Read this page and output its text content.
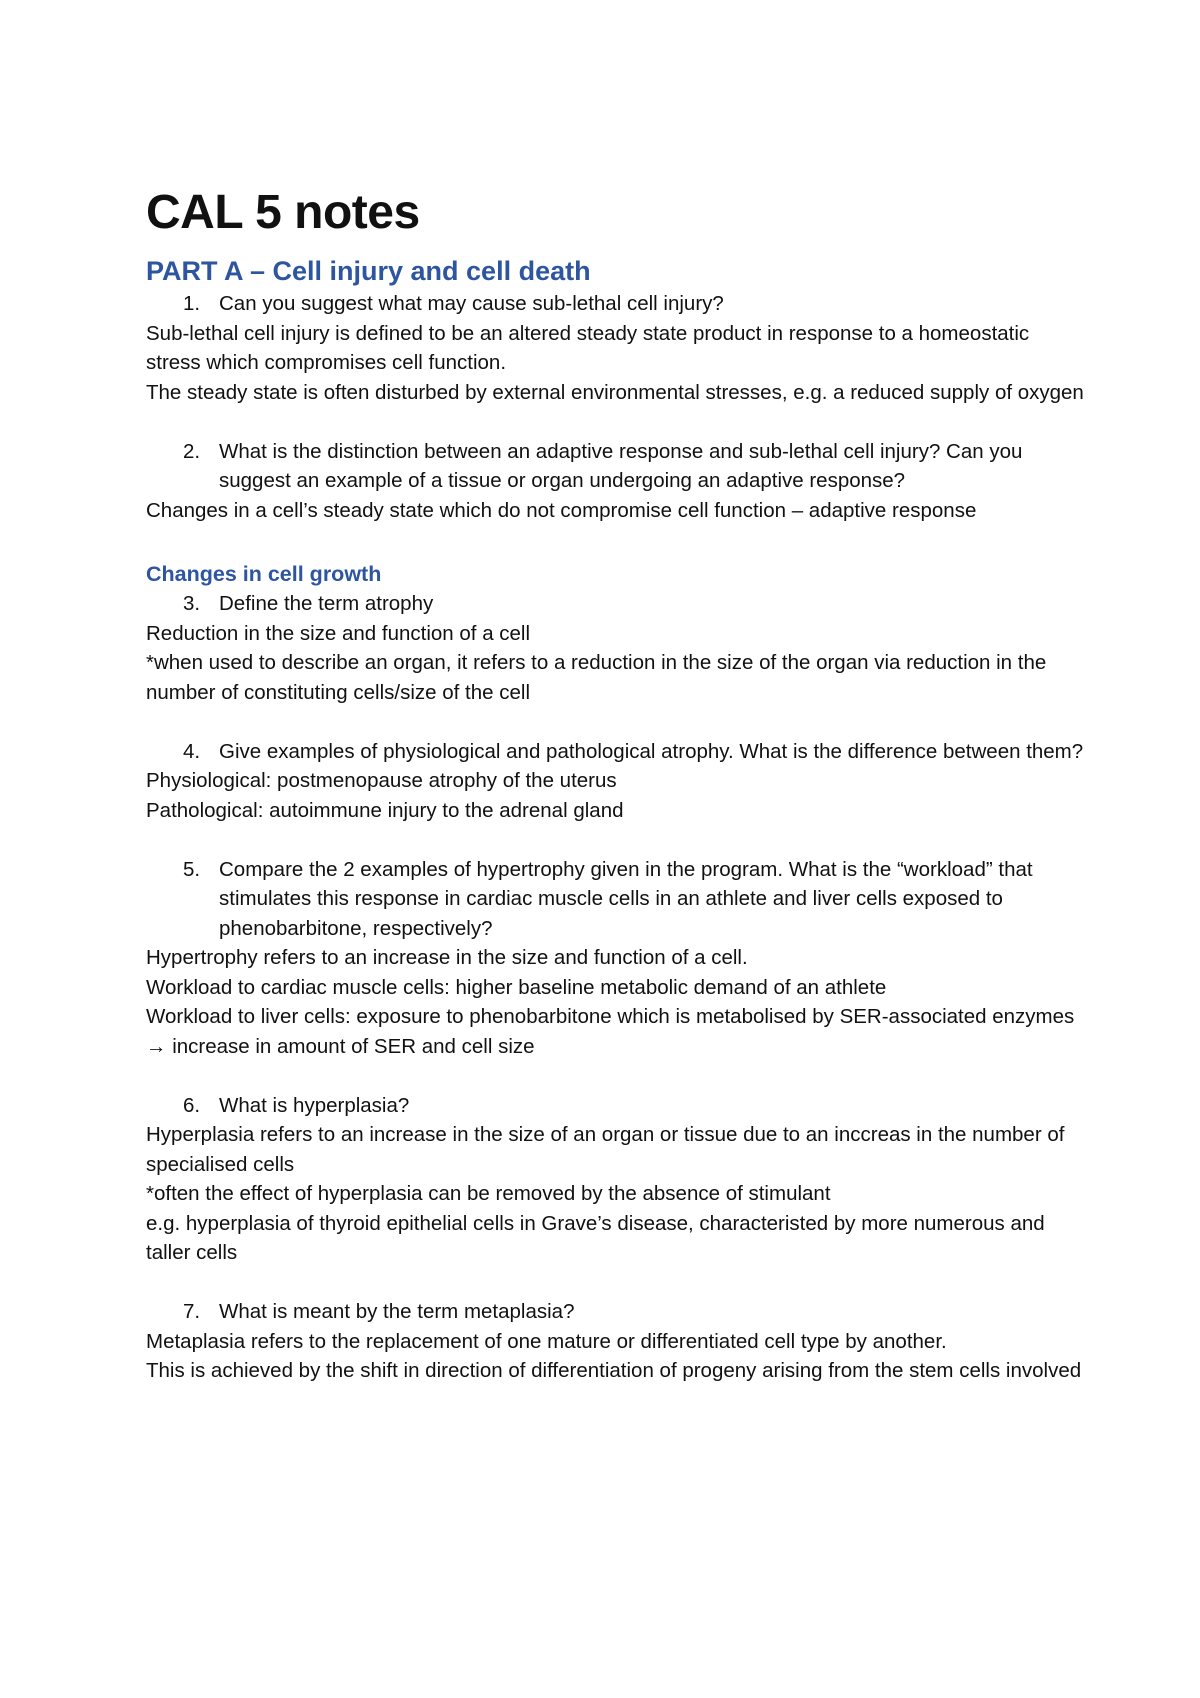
CAL 5 notes
PART A – Cell injury and cell death
1. Can you suggest what may cause sub-lethal cell injury?

Sub-lethal cell injury is defined to be an altered steady state product in response to a homeostatic stress which compromises cell function.

The steady state is often disturbed by external environmental stresses, e.g. a reduced supply of oxygen

2. What is the distinction between an adaptive response and sub-lethal cell injury? Can you suggest an example of a tissue or organ undergoing an adaptive response?

Changes in a cell’s steady state which do not compromise cell function – adaptive response

Changes in cell growth
3. Define the term atrophy

Reduction in the size and function of a cell

*when used to describe an organ, it refers to a reduction in the size of the organ via reduction in the number of constituting cells/size of the cell

4. Give examples of physiological and pathological atrophy. What is the difference between them?

Physiological: postmenopause atrophy of the uterus

Pathological: autoimmune injury to the adrenal gland

5. Compare the 2 examples of hypertrophy given in the program. What is the “workload” that stimulates this response in cardiac muscle cells in an athlete and liver cells exposed to phenobarbitone, respectively?

Hypertrophy refers to an increase in the size and function of a cell.

Workload to cardiac muscle cells: higher baseline metabolic demand of an athlete

Workload to liver cells: exposure to phenobarbitone which is metabolised by SER-associated enzymes → increase in amount of SER and cell size

6. What is hyperplasia?

Hyperplasia refers to an increase in the size of an organ or tissue due to an inccreas in the number of specialised cells

*often the effect of hyperplasia can be removed by the absence of stimulant

e.g. hyperplasia of thyroid epithelial cells in Grave’s disease, characteristed by more numerous and taller cells

7. What is meant by the term metaplasia?

Metaplasia refers to the replacement of one mature or differentiated cell type by another.

This is achieved by the shift in direction of differentiation of progeny arising from the stem cells involved
